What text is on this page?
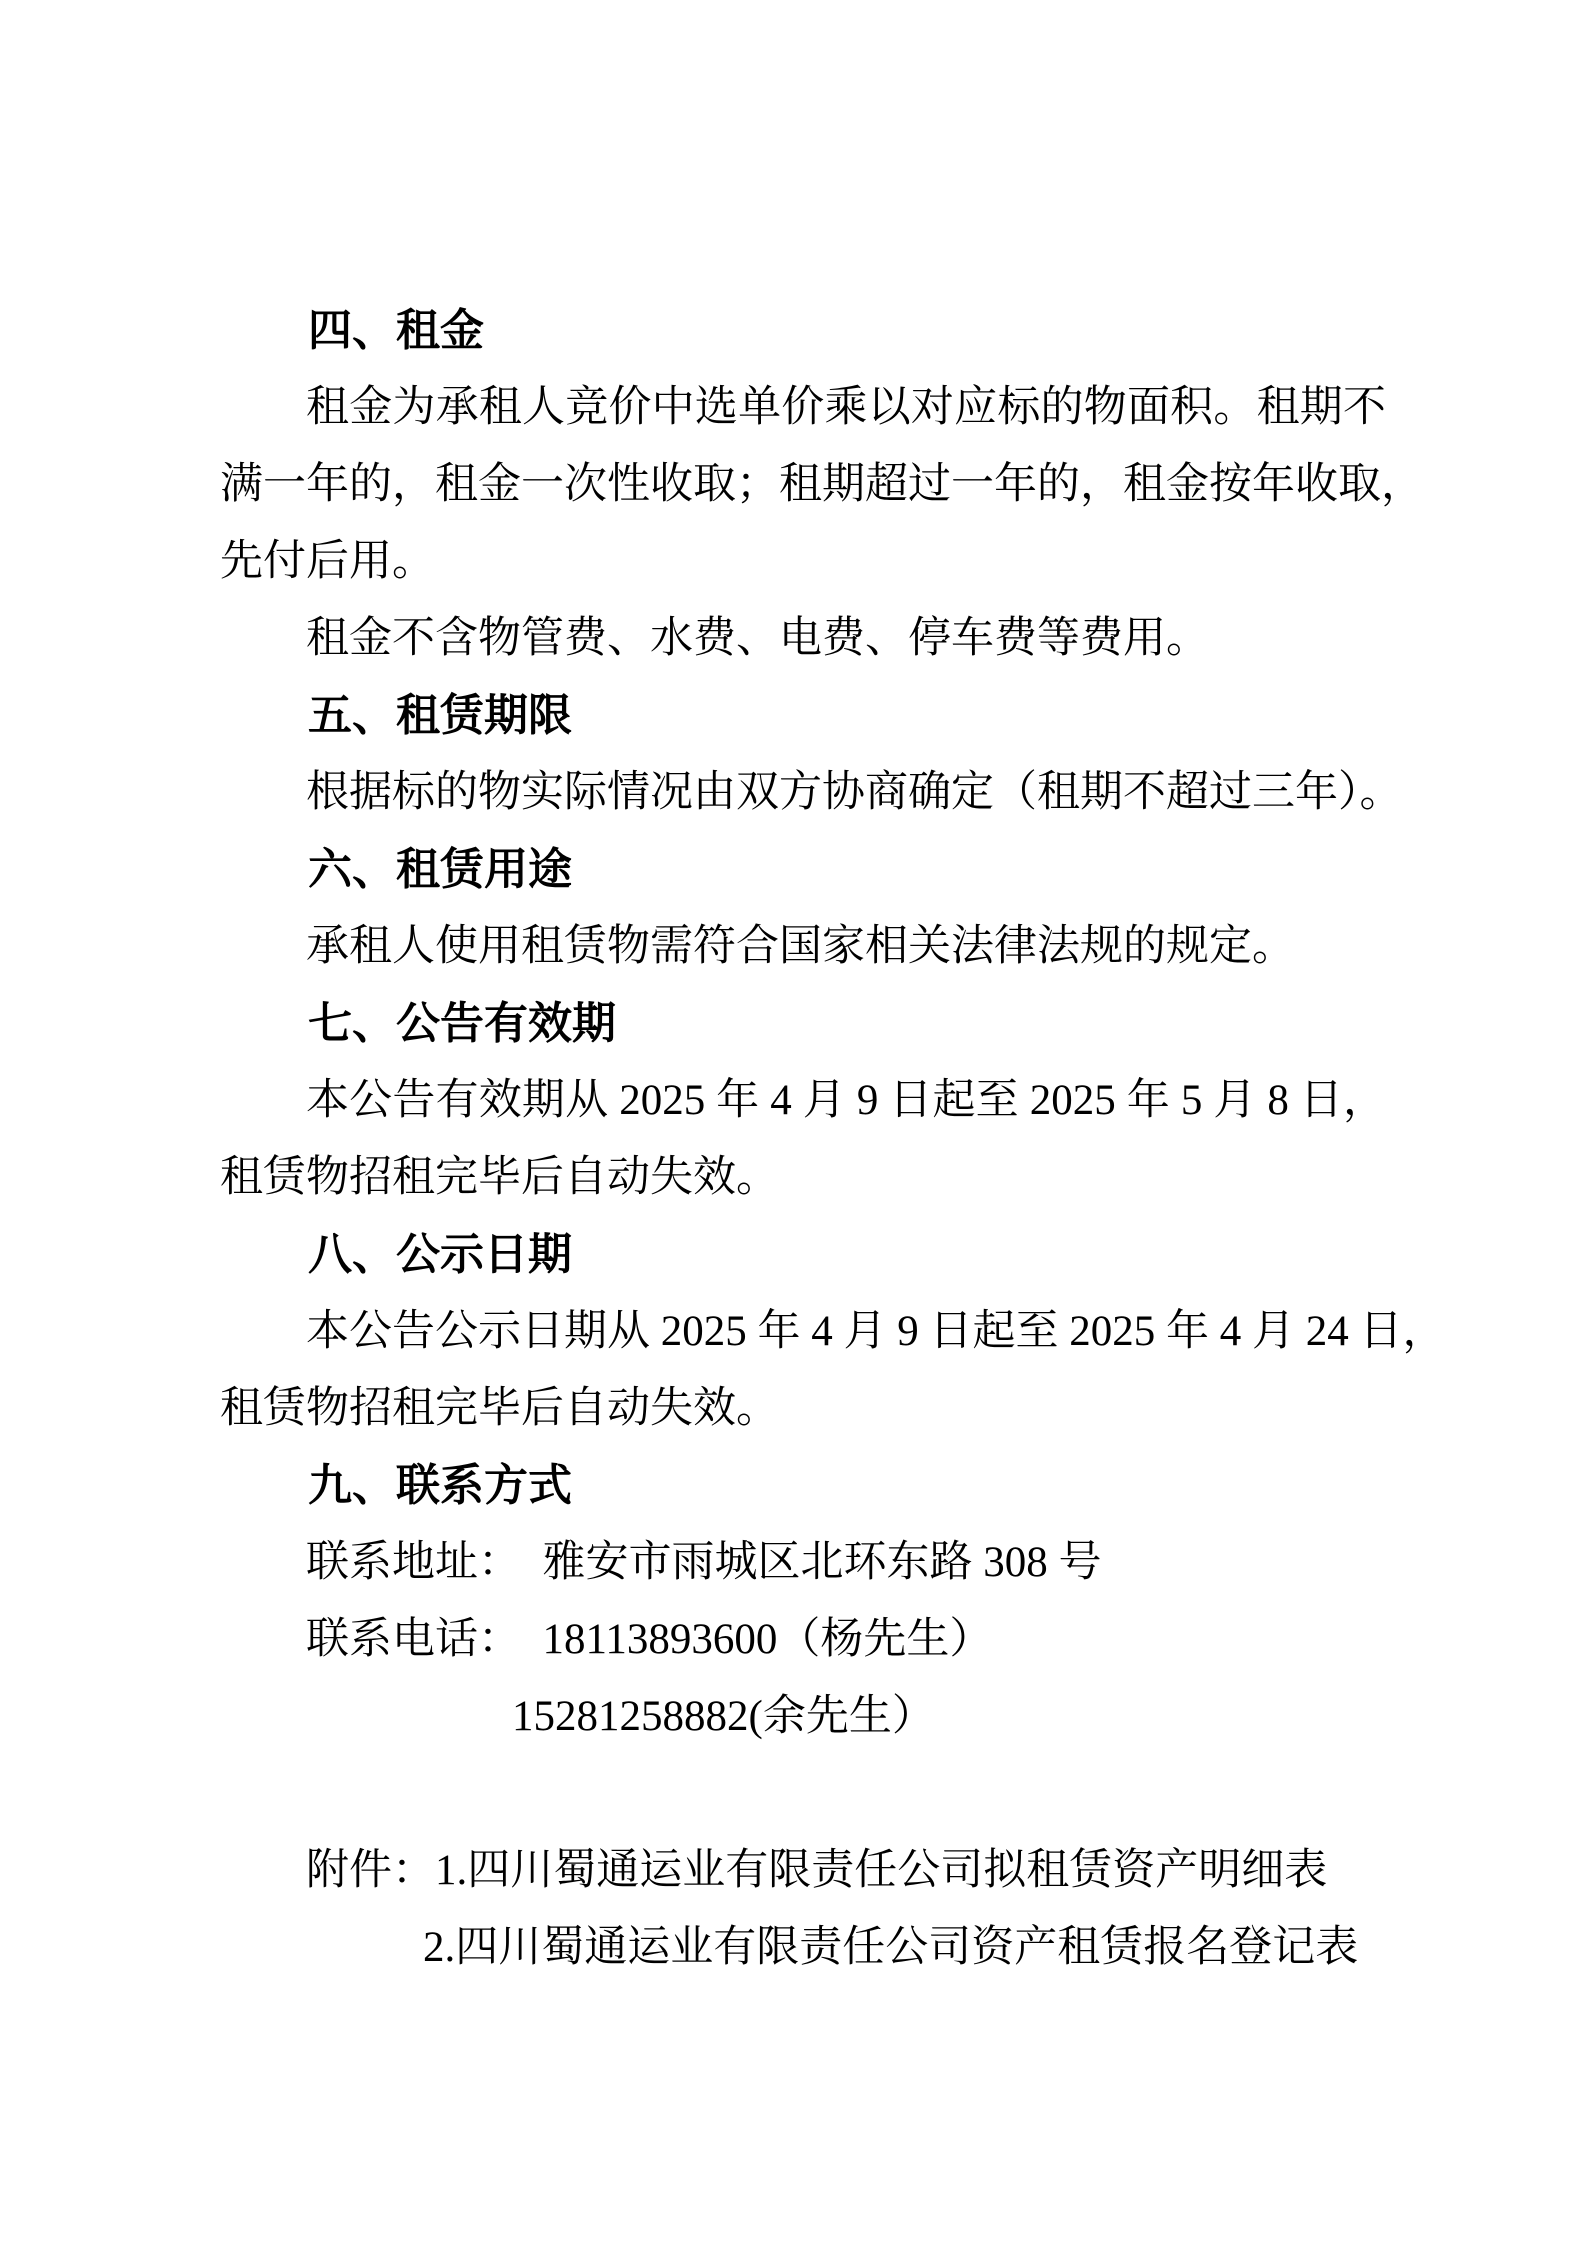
四、租金
租金为承租人竞价中选单价乘以对应标的物面积。租期不
满一年的，租金一次性收取；租期超过一年的，租金按年收取，
先付后用。
租金不含物管费、水费、电费、停车费等费用。
五、租赁期限
根据标的物实际情况由双方协商确定（租期不超过三年）。
六、租赁用途
承租人使用租赁物需符合国家相关法律法规的规定。
七、公告有效期
本公告有效期从 2025 年 4 月 9 日起至 2025 年 5 月 8 日，
租赁物招租完毕后自动失效。
八、公示日期
本公告公示日期从 2025 年 4 月 9 日起至 2025 年 4 月 24 日，
租赁物招租完毕后自动失效。
九、联系方式
联系地址：　雅安市雨城区北环东路 308 号
联系电话：　18113893600（杨先生）
15281258882(余先生）
附件：1.四川蜀通运业有限责任公司拟租赁资产明细表
2.四川蜀通运业有限责任公司资产租赁报名登记表
